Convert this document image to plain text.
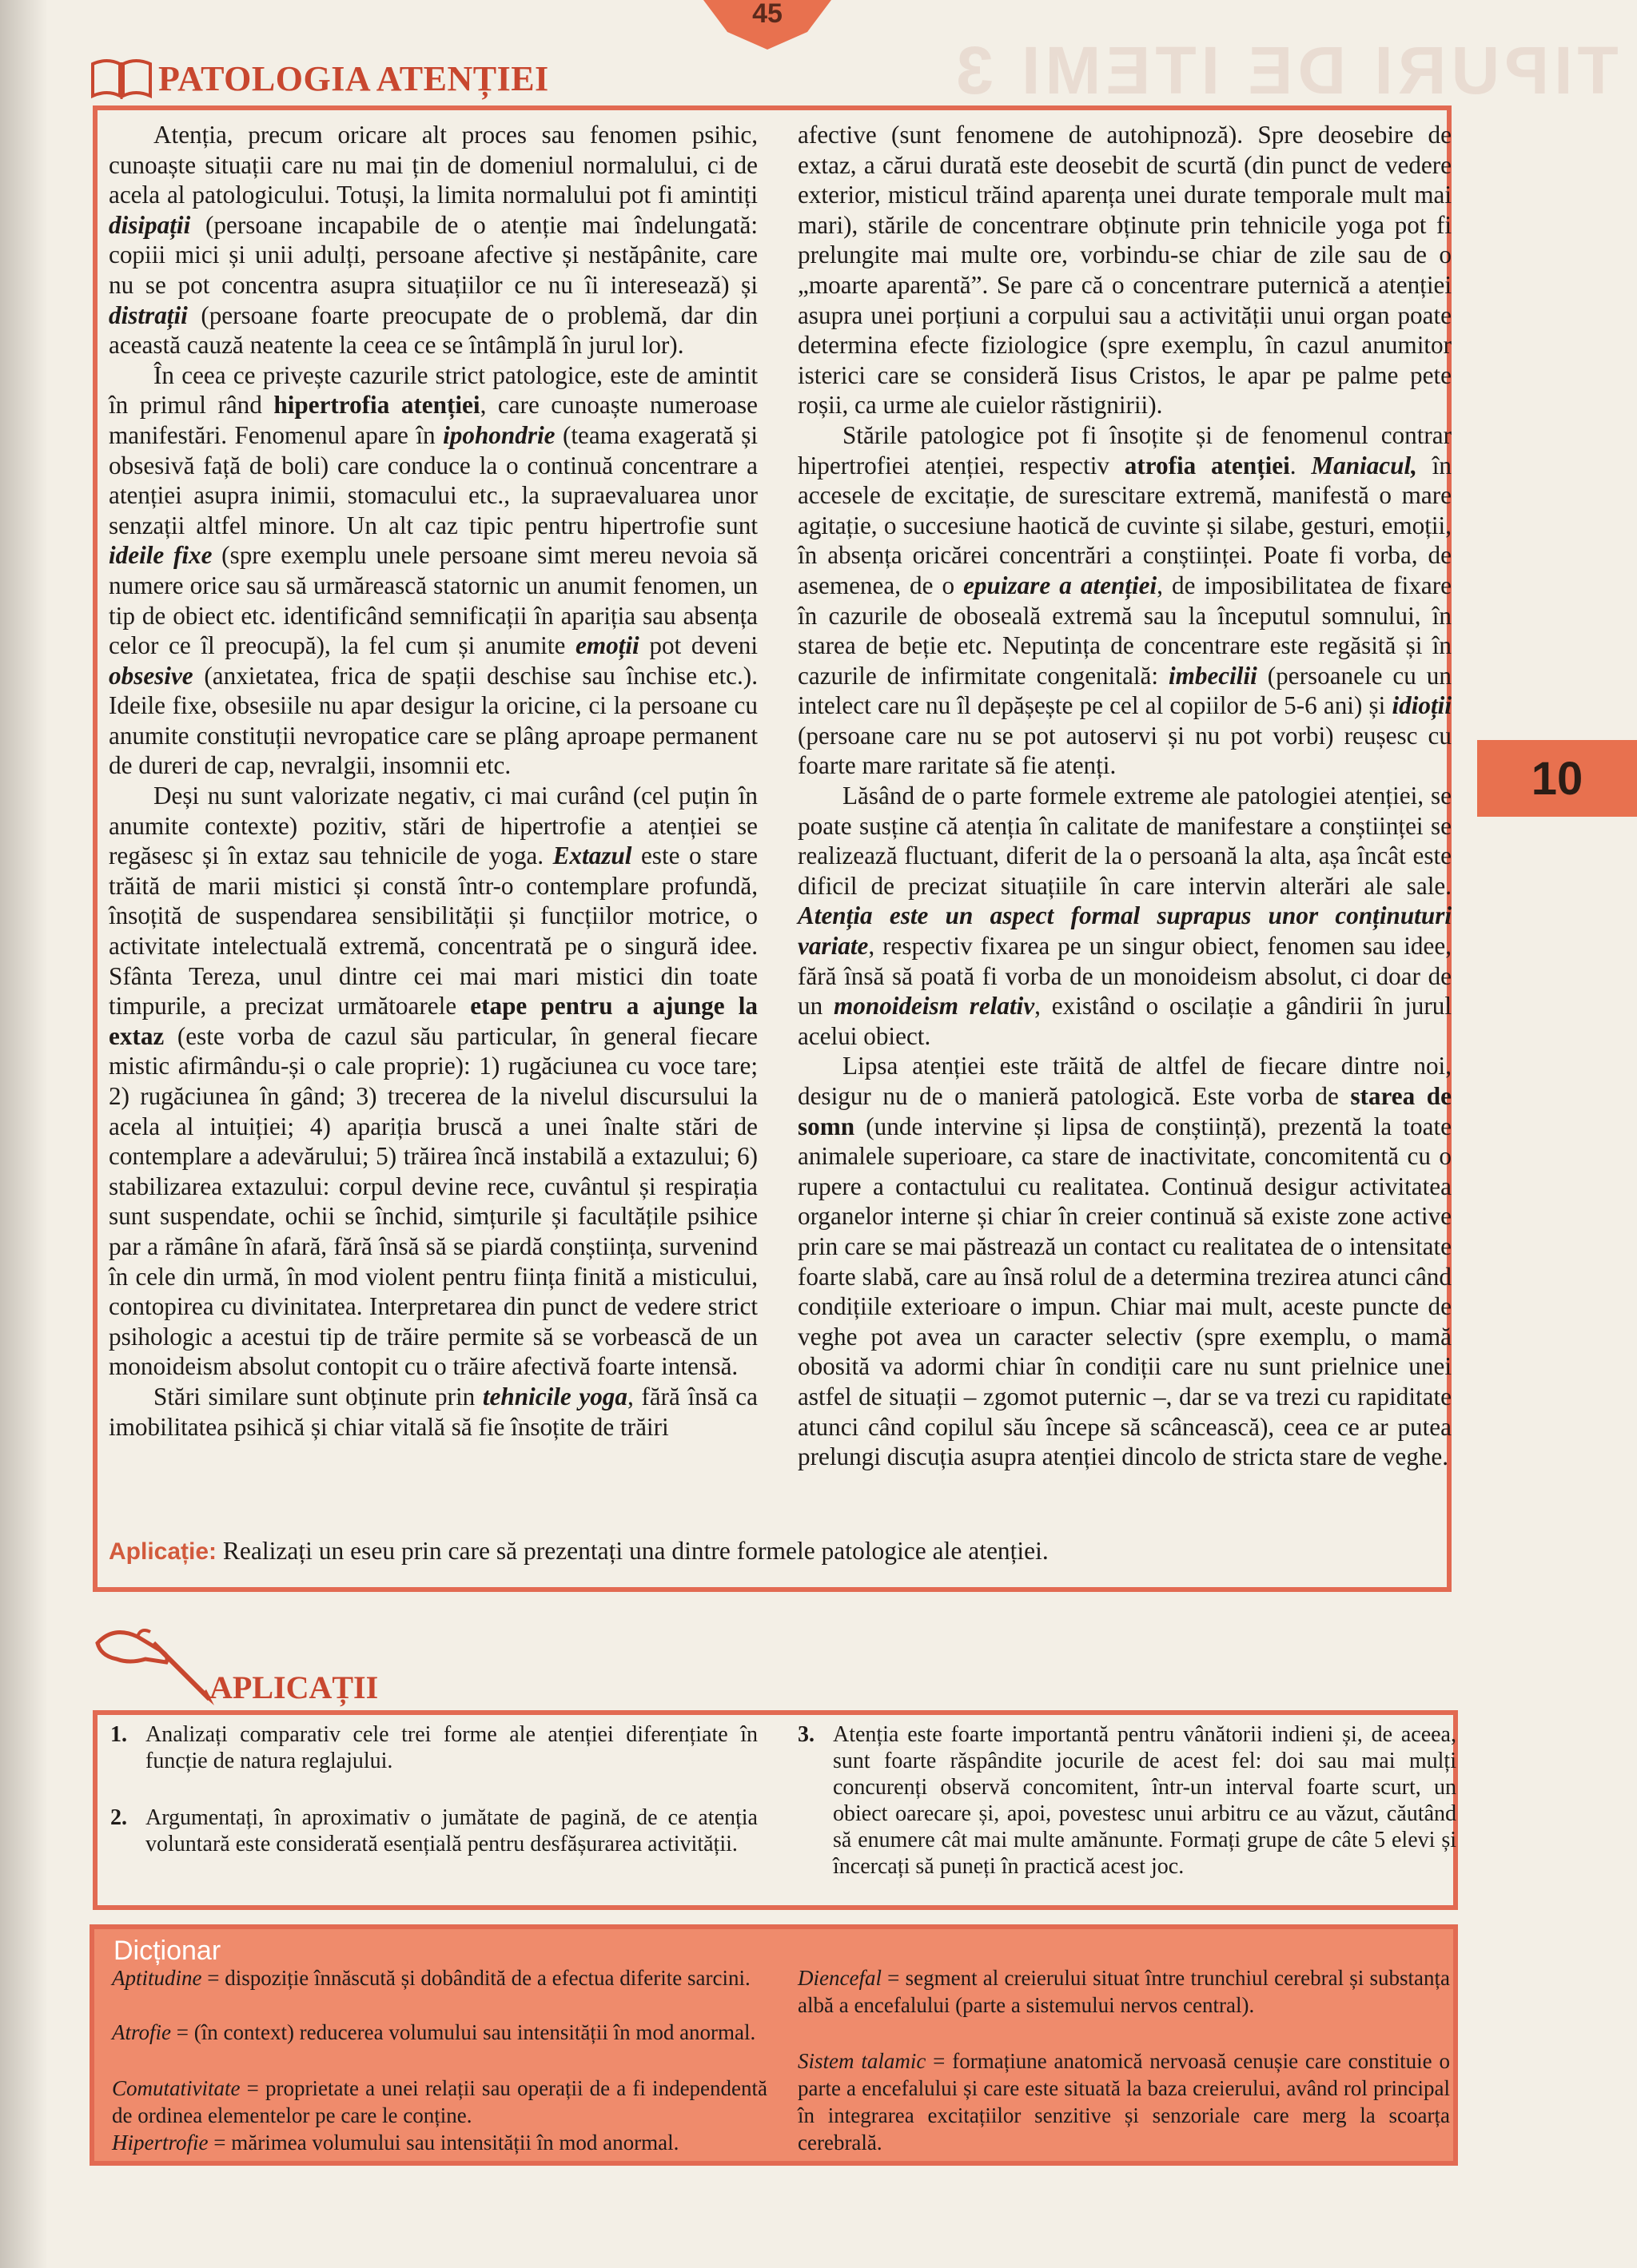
45
TIPURI DE ITEMI 3
PATOLOGIA ATENȚIEI

Atenția, precum oricare alt proces sau fenomen psihic, cunoaște situații care nu mai țin de domeniul normalului, ci de acela al patologicului. Totuși, la limita normalului pot fi amintiți disipații (persoane incapabile de o atenție mai îndelungată: copiii mici și unii adulți, persoane afective și nestăpânite, care nu se pot concentra asupra situațiilor ce nu îi interesează) și distrații (persoane foarte preocupate de o problemă, dar din această cauză neatente la ceea ce se întâmplă în jurul lor).

În ceea ce privește cazurile strict patologice, este de amintit în primul rând hipertrofia atenției, care cunoaște numeroase manifestări. Fenomenul apare în ipohondrie (teama exagerată și obsesivă față de boli) care conduce la o continuă concentrare a atenției asupra inimii, stomacului etc., la supraevaluarea unor senzații altfel minore. Un alt caz tipic pentru hipertrofie sunt ideile fixe (spre exemplu unele persoane simt mereu nevoia să numere orice sau să urmărească statornic un anumit fenomen, un tip de obiect etc. identificând semnificații în apariția sau absența celor ce îl preocupă), la fel cum și anumite emoții pot deveni obsesive (anxietatea, frica de spații deschise sau închise etc.). Ideile fixe, obsesiile nu apar desigur la oricine, ci la persoane cu anumite constituții nevropatice care se plâng aproape permanent de dureri de cap, nevralgii, insomnii etc.

Deși nu sunt valorizate negativ, ci mai curând (cel puțin în anumite contexte) pozitiv, stări de hipertrofie a atenției se regăsesc și în extaz sau tehnicile de yoga. Extazul este o stare trăită de marii mistici și constă într-o contemplare profundă, însoțită de suspendarea sensibilității și funcțiilor motrice, o activitate intelectuală extremă, concentrată pe o singură idee. Sfânta Tereza, unul dintre cei mai mari mistici din toate timpurile, a precizat următoarele etape pentru a ajunge la extaz (este vorba de cazul său particular, în general fiecare mistic afirmându-și o cale proprie): 1) rugăciunea cu voce tare; 2) rugăciunea în gând; 3) trecerea de la nivelul discursului la acela al intuiției; 4) apariția bruscă a unei înalte stări de contemplare a adevărului; 5) trăirea încă instabilă a extazului; 6) stabilizarea extazului: corpul devine rece, cuvântul și respirația sunt suspendate, ochii se închid, simțurile și facultățile psihice par a rămâne în afară, fără însă să se piardă conștiința, survenind în cele din urmă, în mod violent pentru ființa finită a misticului, contopirea cu divinitatea. Interpretarea din punct de vedere strict psihologic a acestui tip de trăire permite să se vorbească de un monoideism absolut contopit cu o trăire afectivă foarte intensă.

Stări similare sunt obținute prin tehnicile yoga, fără însă ca imobilitatea psihică și chiar vitală să fie însoțite de trăiri

afective (sunt fenomene de autohipnoză). Spre deosebire de extaz, a cărui durată este deosebit de scurtă (din punct de vedere exterior, misticul trăind aparența unei durate temporale mult mai mari), stările de concentrare obținute prin tehnicile yoga pot fi prelungite mai multe ore, vorbindu-se chiar de zile sau de o „moarte aparentă”. Se pare că o concentrare puternică a atenției asupra unei porțiuni a corpului sau a activității unui organ poate determina efecte fiziologice (spre exemplu, în cazul anumitor isterici care se consideră Iisus Cristos, le apar pe palme pete roșii, ca urme ale cuielor răstignirii).

Stările patologice pot fi însoțite și de fenomenul contrar hipertrofiei atenției, respectiv atrofia atenției. Maniacul, în accesele de excitație, de surescitare extremă, manifestă o mare agitație, o succesiune haotică de cuvinte și silabe, gesturi, emoții, în absența oricărei concentrări a conștiinței. Poate fi vorba, de asemenea, de o epuizare a atenției, de imposibilitatea de fixare în cazurile de oboseală extremă sau la începutul somnului, în starea de beție etc. Neputința de concentrare este regăsită și în cazurile de infirmitate congenitală: imbecilii (persoanele cu un intelect care nu îl depășește pe cel al copiilor de 5-6 ani) și idioții (persoane care nu se pot autoservi și nu pot vorbi) reușesc cu foarte mare raritate să fie atenți.

Lăsând de o parte formele extreme ale patologiei atenției, se poate susține că atenția în calitate de manifestare a conștiinței se realizează fluctuant, diferit de la o persoană la alta, așa încât este dificil de precizat situațiile în care intervin alterări ale sale. Atenția este un aspect formal suprapus unor conținuturi variate, respectiv fixarea pe un singur obiect, fenomen sau idee, fără însă să poată fi vorba de un monoideism absolut, ci doar de un monoideism relativ, existând o oscilație a gândirii în jurul acelui obiect.

Lipsa atenției este trăită de altfel de fiecare dintre noi, desigur nu de o manieră patologică. Este vorba de starea de somn (unde intervine și lipsa de conștiință), prezentă la toate animalele superioare, ca stare de inactivitate, concomitentă cu o rupere a contactului cu realitatea. Continuă desigur activitatea organelor interne și chiar în creier continuă să existe zone active prin care se mai păstrează un contact cu realitatea de o intensitate foarte slabă, care au însă rolul de a determina trezirea atunci când condițiile exterioare o impun. Chiar mai mult, aceste puncte de veghe pot avea un caracter selectiv (spre exemplu, o mamă obosită va adormi chiar în condiții care nu sunt prielnice unei astfel de situații – zgomot puternic –, dar se va trezi cu rapiditate atunci când copilul său începe să scâncească), ceea ce ar putea prelungi discuția asupra atenției dincolo de stricta stare de veghe.

Aplicație: Realizați un eseu prin care să prezentați una dintre formele patologice ale atenției.
10
APLICAȚII
1. Analizați comparativ cele trei forme ale atenției diferențiate în funcție de natura reglajului.
2. Argumentați, în aproximativ o jumătate de pagină, de ce atenția voluntară este considerată esențială pentru desfășurarea activității.
3. Atenția este foarte importantă pentru vânătorii indieni și, de aceea, sunt foarte răspândite jocurile de acest fel: doi sau mai mulți concurenți observă concomitent, într-un interval foarte scurt, un obiect oarecare și, apoi, povestesc unui arbitru ce au văzut, căutând să enumere cât mai multe amănunte. Formați grupe de câte 5 elevi și încercați să puneți în practică acest joc.
Dicționar
Aptitudine = dispoziție înnăscută și dobândită de a efectua diferite sarcini.
Atrofie = (în context) reducerea volumului sau intensității în mod anormal.
Comutativitate = proprietate a unei relații sau operații de a fi independentă de ordinea elementelor pe care le conține.
Hipertrofie = mărimea volumului sau intensității în mod anormal.
Diencefal = segment al creierului situat între trunchiul cerebral și substanța albă a encefalului (parte a sistemului nervos central).
Sistem talamic = formațiune anatomică nervoasă cenușie care constituie o parte a encefalului și care este situată la baza creierului, având rol principal în integrarea excitațiilor senzitive și senzoriale care merg la scoarța cerebrală.
